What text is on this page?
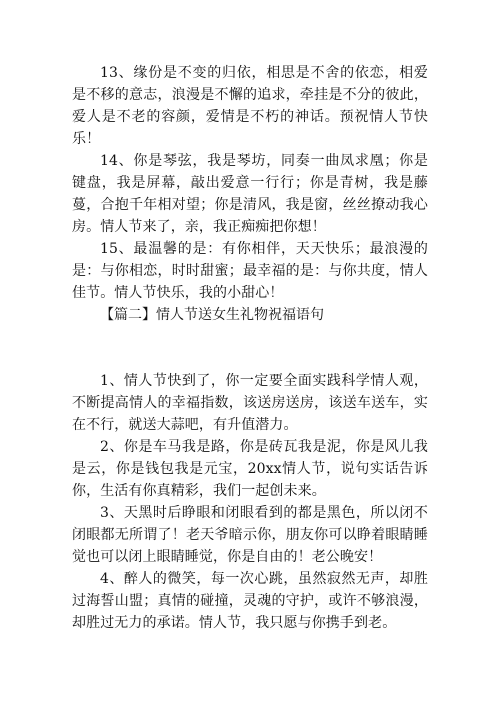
13、缘份是不变的归依，相思是不舍的依恋，相爱是不移的意志，浪漫是不懈的追求，牵挂是不分的彼此，爱人是不老的容颜，爱情是不朽的神话。预祝情人节快乐！

14、你是琴弦，我是琴坊，同奏一曲凤求凰；你是键盘，我是屏幕，敲出爱意一行行；你是青树，我是藤蔓，合抱千年相对望；你是清风，我是窗，丝丝撩动我心房。情人节来了，亲，我正痴痴把你想！

15、最温馨的是：有你相伴，天天快乐；最浪漫的是：与你相恋，时时甜蜜；最幸福的是：与你共度，情人佳节。情人节快乐，我的小甜心！

【篇二】情人节送女生礼物祝福语句

1、情人节快到了，你一定要全面实践科学情人观，不断提高情人的幸福指数，该送房送房，该送车送车，实在不行，就送大蒜吧，有升值潜力。

2、你是车马我是路，你是砖瓦我是泥，你是风儿我是云，你是钱包我是元宝，20xx情人节，说句实话告诉你，生活有你真精彩，我们一起创未来。

3、天黑时后睁眼和闭眼看到的都是黑色，所以闭不闭眼都无所谓了！老天爷暗示你，朋友你可以睁着眼睛睡觉也可以闭上眼睛睡觉，你是自由的！老公晚安！

4、醉人的微笑，每一次心跳，虽然寂然无声，却胜过海誓山盟；真情的碰撞，灵魂的守护，或许不够浪漫，却胜过无力的承诺。情人节，我只愿与你携手到老。
